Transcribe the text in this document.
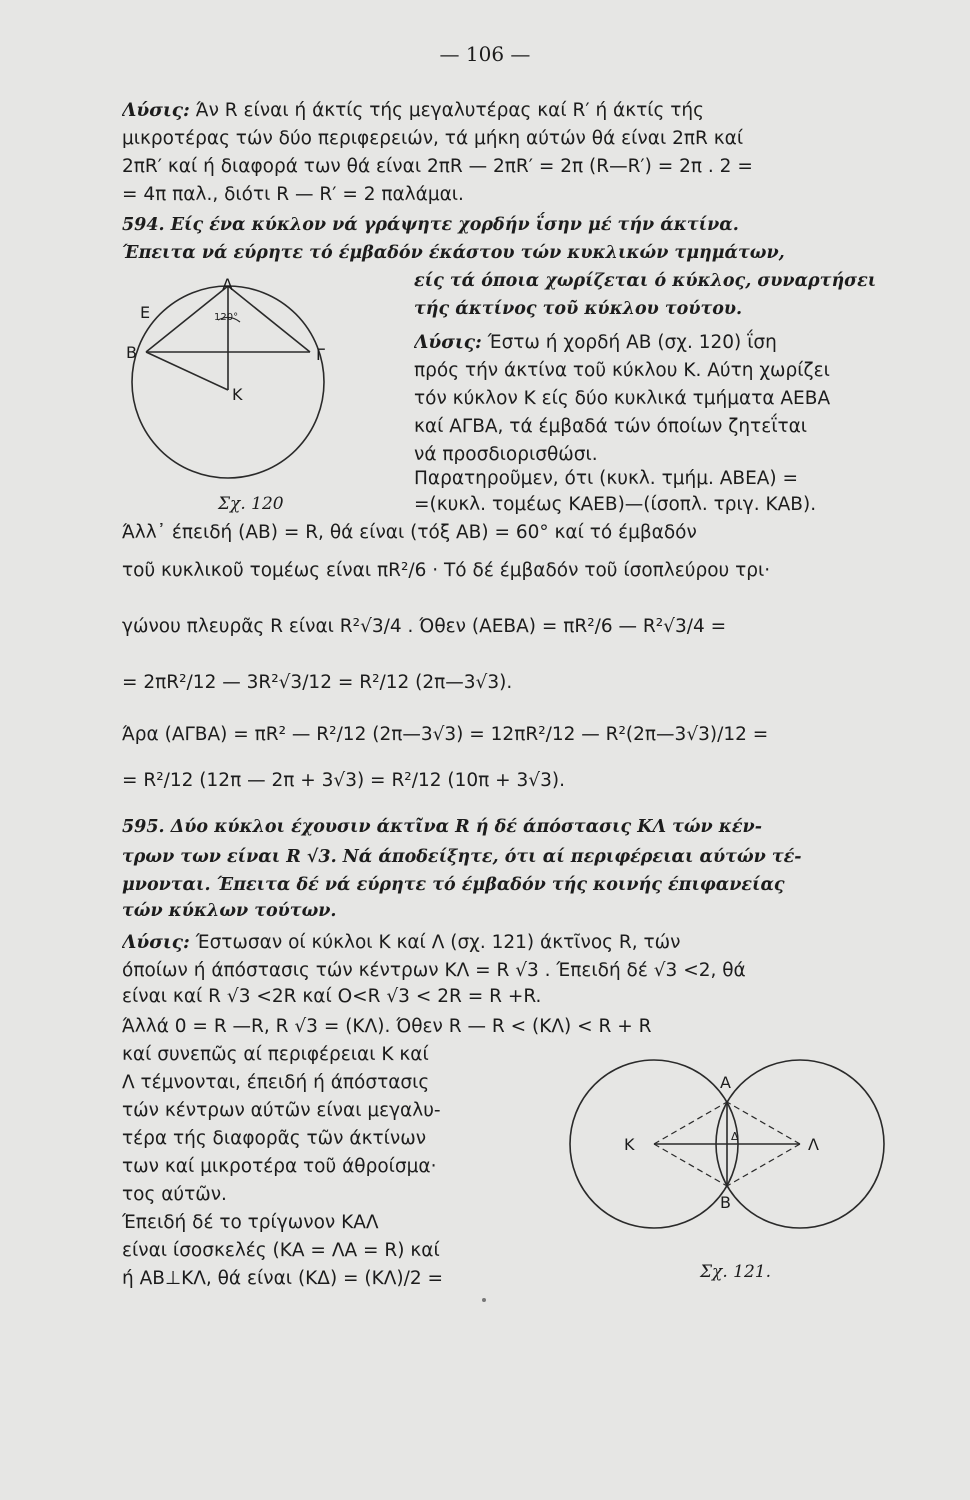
— 106 —
Λύσις: Άν R είναι ή άκτίς τής μεγαλυτέρας καί R′ ή άκτίς τής
μικροτέρας τών δύο περιφερειών, τά μήκη αύτών θά είναι 2πR καί
2πR′ καί ή διαφορά των θά είναι 2πR — 2πR′ = 2π (R—R′) = 2π . 2 =
= 4π παλ., διότι R — R′ = 2 παλάμαι.
594. Είς ένα κύκλον νά γράψητε χορδήν ΐσην μέ τήν άκτίνα.
Έπειτα νά εύρητε τό έμβαδόν έκάστου τών κυκλικών τμημάτων,
είς τά όποια χωρίζεται ό κύκλος, συναρτήσει
τής άκτίνος τοῦ κύκλου τούτου.
Λύσις: Έστω ή χορδή ΑΒ (σχ. 120) ΐση
πρός τήν άκτίνα τοῦ κύκλου Κ. Αύτη χωρίζει
τόν κύκλον Κ είς δύο κυκλικά τμήματα ΑΕΒΑ
καί ΑΓΒΑ, τά έμβαδά τών όποίων ζητεΐται
νά προσδιορισθώσι.
Παρατηροῦμεν, ότι (κυκλ. τμήμ. ΑΒΕΑ) =
=(κυκλ. τομέως ΚΑΕΒ)—(ίσοπλ. τριγ. ΚΑΒ).
Άλλ᾽ έπειδή (ΑΒ) = R, θά είναι (τόξ ΑΒ) = 60° καί τό έμβαδόν
τοῦ κυκλικοῦ τομέως είναι πR²/6 · Τό δέ έμβαδόν τοῦ ίσοπλεύρου τρι·
γώνου πλευρᾶς R είναι R²√3/4 . Όθεν (ΑΕΒΑ) = πR²/6 — R²√3/4 =
= 2πR²/12 — 3R²√3/12 = R²/12 (2π—3√3).
Άρα (ΑΓΒΑ) = πR² — R²/12 (2π—3√3) = 12πR²/12 — R²(2π—3√3)/12 =
= R²/12 (12π — 2π + 3√3) = R²/12 (10π + 3√3).
595. Δύο κύκλοι έχουσιν άκτῖνα R ή δέ άπόστασις ΚΛ τών κέν-
τρων των είναι R √3. Νά άποδείξητε, ότι αί περιφέρειαι αύτών τέ-
μνονται. Έπειτα δέ νά εύρητε τό έμβαδόν τής κοινής έπιφανείας
τών κύκλων τούτων.
Λύσις: Έστωσαν οί κύκλοι Κ καί Λ (σχ. 121) άκτῖνος R, τών
όποίων ή άπόστασις τών κέντρων ΚΛ = R √3 . Έπειδή δέ √3 <2, θά
είναι καί R √3 <2R καί Ο<R √3 < 2R = R +R.
Άλλά 0 = R —R, R √3 = (ΚΛ). Όθεν R — R < (ΚΛ) < R + R
καί συνεπῶς αί περιφέρειαι Κ καί
Λ τέμνονται, έπειδή ή άπόστασις
τών κέντρων αύτῶν είναι μεγαλυ-
τέρα τής διαφορᾶς τῶν άκτίνων
των καί μικροτέρα τοῦ άθροίσμα·
τος αύτῶν.
Έπειδή δέ το τρίγωνον ΚΑΛ
είναι ίσοσκελές (ΚΑ = ΛΑ = R) καί
ή ΑΒ⊥ΚΛ, θά είναι (ΚΔ) = (ΚΛ)/2 =
Α
Β	Γ
Κ
Ε	120°
Σχ. 120
Α
Β
Κ	Λ
Δ
Σχ. 121.
